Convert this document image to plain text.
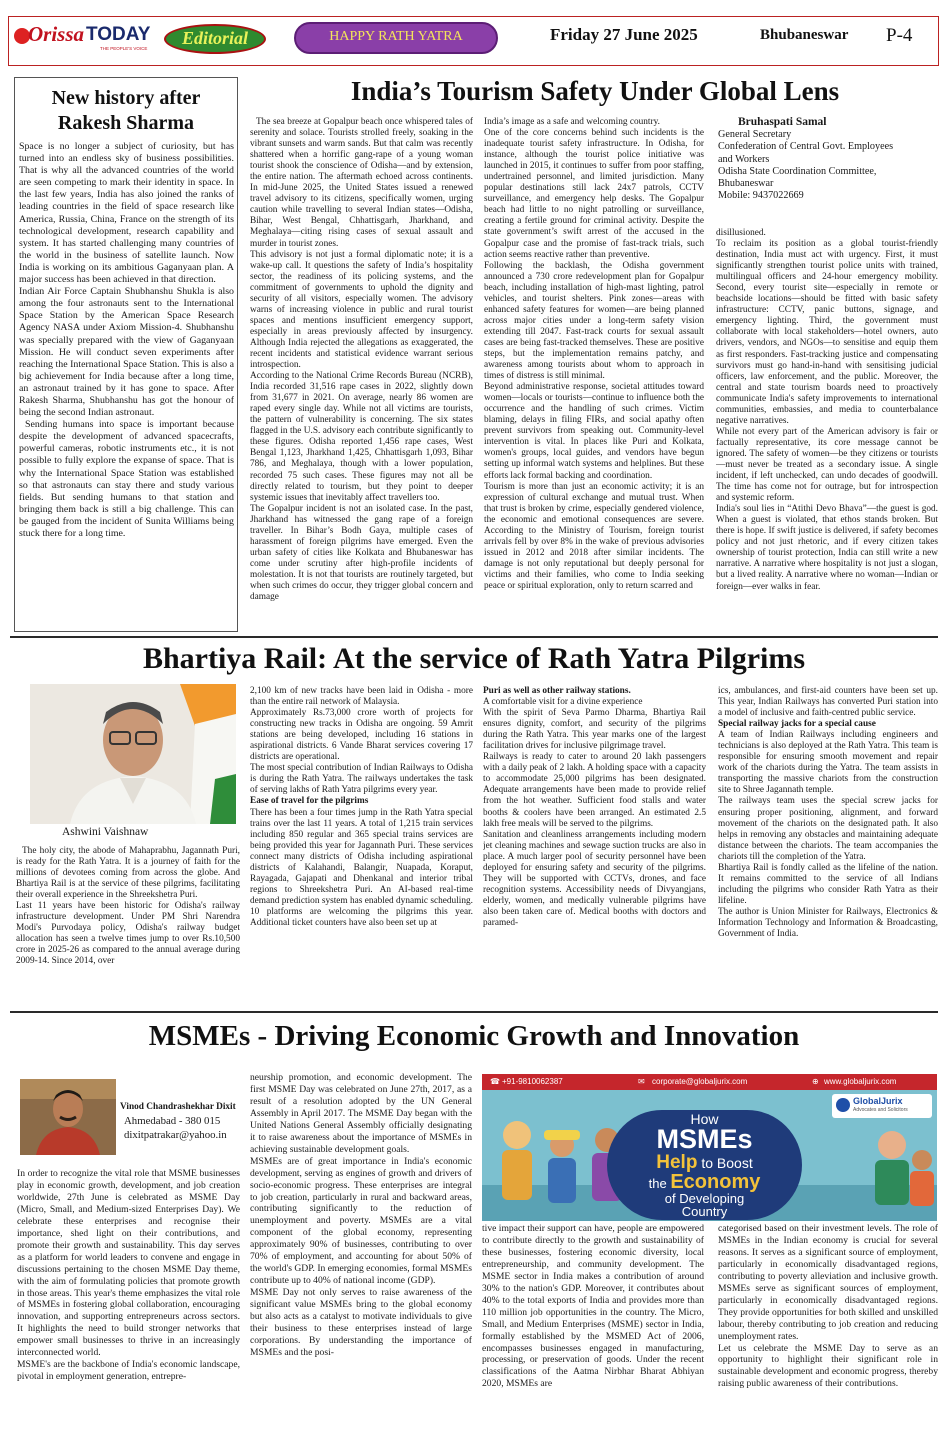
Orissa TODAY
THE PEOPLE'S VOICE
Editorial	HAPPY RATH YATRA	Friday 27 June 2025	Bhubaneswar P-4
New history after
Rakesh Sharma

Space is no longer a subject of curiosity, but has turned into an endless sky of business possibilities. That is why all the advanced countries of the world are seen competing to mark their identity in space. In the last few years, India has also joined the ranks of leading countries in the field of space research like America, Russia, China, France on the strength of its technological development, research capability and system. It has started challenging many countries of the world in the business of satellite launch. Now India is working on its ambitious Gaganyaan plan. A major success has been achieved in that direction.

Indian Air Force Captain Shubhanshu Shukla is also among the four astronauts sent to the International Space Station by the American Space Research Agency NASA under Axiom Mission-4. Shubhanshu was specially prepared with the view of Gaganyaan Mission. He will conduct seven experiments after reaching the International Space Station. This is also a big achievement for India because after a long time, an astronaut trained by it has gone to space. After Rakesh Sharma, Shubhanshu has got the honour of being the second Indian astronaut.

Sending humans into space is important because despite the development of advanced spacecrafts, powerful cameras, robotic instruments etc., it is not possible to fully explore the expanse of space. That is why the International Space Station was established so that astronauts can stay there and study various fields. But sending humans to that station and bringing them back is still a big challenge. This can be gauged from the incident of Sunita Williams being stuck there for a long time.

India’s Tourism Safety Under Global Lens

The sea breeze at Gopalpur beach once whispered tales of serenity and solace. Tourists strolled freely, soaking in the vibrant sunsets and warm sands. But that calm was recently shattered when a horrific gang-rape of a young woman tourist shook the conscience of Odisha—and by extension, the entire nation. The aftermath echoed across continents. In mid-June 2025, the United States issued a renewed travel advisory to its citizens, specifically women, urging caution while travelling to several Indian states—Odisha, Bihar, West Bengal, Chhattisgarh, Jharkhand, and Meghalaya—citing rising cases of sexual assault and murder in tourist zones.

This advisory is not just a formal diplomatic note; it is a wake-up call. It questions the safety of India’s hospitality sector, the readiness of its policing systems, and the commitment of governments to uphold the dignity and security of all visitors, especially women. The advisory warns of increasing violence in public and rural tourist spaces and mentions insufficient emergency support, especially in areas previously affected by insurgency. Although India rejected the allegations as exaggerated, the recent incidents and statistical evidence warrant serious introspection.

According to the National Crime Records Bureau (NCRB), India recorded 31,516 rape cases in 2022, slightly down from 31,677 in 2021. On average, nearly 86 women are raped every single day. While not all victims are tourists, the pattern of vulnerability is concerning. The six states flagged in the U.S. advisory each contribute significantly to these figures. Odisha reported 1,456 rape cases, West Bengal 1,123, Jharkhand 1,425, Chhattisgarh 1,093, Bihar 786, and Meghalaya, though with a lower population, recorded 75 such cases. These figures may not all be directly related to tourism, but they point to deeper systemic issues that inevitably affect travellers too.

The Gopalpur incident is not an isolated case. In the past, Jharkhand has witnessed the gang rape of a foreign traveller. In Bihar’s Bodh Gaya, multiple cases of harassment of foreign pilgrims have emerged. Even the urban safety of cities like Kolkata and Bhubaneswar has come under scrutiny after high-profile incidents of molestation. It is not that tourists are routinely targeted, but when such crimes do occur, they trigger global concern and damage

India’s image as a safe and welcoming country.

One of the core concerns behind such incidents is the inadequate tourist safety infrastructure. In Odisha, for instance, although the tourist police initiative was launched in 2015, it continues to suffer from poor staffing, undertrained personnel, and limited jurisdiction. Many popular destinations still lack 24x7 patrols, CCTV surveillance, and emergency help desks. The Gopalpur beach had little to no night patrolling or surveillance, creating a fertile ground for criminal activity. Despite the state government’s swift arrest of the accused in the Gopalpur case and the promise of fast-track trials, such action seems reactive rather than preventive.

Following the backlash, the Odisha government announced a 730 crore redevelopment plan for Gopalpur beach, including installation of high-mast lighting, patrol vehicles, and tourist shelters. Pink zones—areas with enhanced safety features for women—are being planned across major cities under a long-term safety vision extending till 2047. Fast-track courts for sexual assault cases are being fast-tracked themselves. These are positive steps, but the implementation remains patchy, and awareness among tourists about whom to approach in times of distress is still minimal.

Beyond administrative response, societal attitudes toward women—locals or tourists—continue to influence both the occurrence and the handling of such crimes. Victim blaming, delays in filing FIRs, and social apathy often prevent survivors from speaking out. Community-level intervention is vital. In places like Puri and Kolkata, women's groups, local guides, and vendors have begun setting up informal watch systems and helplines. But these efforts lack formal backing and coordination.

Tourism is more than just an economic activity; it is an expression of cultural exchange and mutual trust. When that trust is broken by crime, especially gendered violence, the economic and emotional consequences are severe. According to the Ministry of Tourism, foreign tourist arrivals fell by over 8% in the wake of previous advisories issued in 2012 and 2018 after similar incidents. The damage is not only reputational but deeply personal for victims and their families, who come to India seeking peace or spiritual exploration, only to return scarred and

Bruhaspati Samal
General Secretary
Confederation of Central Govt. Employees
and Workers
Odisha State Coordination Committee,
Bhubaneswar
Mobile: 9437022669

disillusioned.

To reclaim its position as a global tourist-friendly destination, India must act with urgency. First, it must significantly strengthen tourist police units with trained, multilingual officers and 24-hour emergency mobility. Second, every tourist site—especially in remote or beachside locations—should be fitted with basic safety infrastructure: CCTV, panic buttons, signage, and emergency lighting. Third, the government must collaborate with local stakeholders—hotel owners, auto drivers, vendors, and NGOs—to sensitise and equip them as first responders. Fast-tracking justice and compensating survivors must go hand-in-hand with sensitising judicial officers, law enforcement, and the public. Moreover, the central and state tourism boards need to proactively communicate India's safety improvements to international communities, embassies, and media to counterbalance negative narratives.

While not every part of the American advisory is fair or factually representative, its core message cannot be ignored. The safety of women—be they citizens or tourists—must never be treated as a secondary issue. A single incident, if left unchecked, can undo decades of goodwill. The time has come not for outrage, but for introspection and systemic reform.

India's soul lies in “Atithi Devo Bhava”—the guest is god. When a guest is violated, that ethos stands broken. But there is hope. If swift justice is delivered, if safety becomes policy and not just rhetoric, and if every citizen takes ownership of tourist protection, India can still write a new narrative. A narrative where hospitality is not just a slogan, but a lived reality. A narrative where no woman—Indian or foreign—ever walks in fear.

Bhartiya Rail: At the service of Rath Yatra Pilgrims
Ashwini Vaishnaw

The holy city, the abode of Mahaprabhu, Jagannath Puri, is ready for the Rath Yatra. It is a journey of faith for the millions of devotees coming from across the globe. And Bhartiya Rail is at the service of these pilgrims, facilitating their overall experience in the Shreekshetra Puri.

Last 11 years have been historic for Odisha's railway infrastructure development. Under PM Shri Narendra Modi's Purvodaya policy, Odisha's railway budget allocation has seen a twelve times jump to over Rs.10,500 crore in 2025-26 as compared to the annual average during 2009-14. Since 2014, over

2,100 km of new tracks have been laid in Odisha - more than the entire rail network of Malaysia.

Approximately Rs.73,000 crore worth of projects for constructing new tracks in Odisha are ongoing. 59 Amrit stations are being developed, including 16 stations in aspirational districts. 6 Vande Bharat services covering 17 districts are operational.

The most special contribution of Indian Railways to Odisha is during the Rath Yatra. The railways undertakes the task of serving lakhs of Rath Yatra pilgrims every year.

Ease of travel for the pilgrims

There has been a four times jump in the Rath Yatra special trains over the last 11 years. A total of 1,215 train services including 850 regular and 365 special trains services are being provided this year for Jagannath Puri. These services connect many districts of Odisha including aspirational districts of Kalahandi, Balangir, Nuapada, Koraput, Rayagada, Gajapati and Dhenkanal and interior tribal regions to Shreekshetra Puri. An AI-based real-time demand prediction system has enabled dynamic scheduling. 10 platforms are welcoming the pilgrims this year. Additional ticket counters have also been set up at

Puri as well as other railway stations.

A comfortable visit for a divine experience

With the spirit of Seva Parmo Dharma, Bhartiya Rail ensures dignity, comfort, and security of the pilgrims during the Rath Yatra. This year marks one of the largest facilitation drives for inclusive pilgrimage travel.

Railways is ready to cater to around 20 lakh passengers with a daily peak of 2 lakh. A holding space with a capacity to accommodate 25,000 pilgrims has been designated. Adequate arrangements have been made to provide relief from the hot weather. Sufficient food stalls and water booths & coolers have been arranged. An estimated 2.5 lakh free meals will be served to the pilgrims.

Sanitation and cleanliness arrangements including modern jet cleaning machines and sewage suction trucks are also in place. A much larger pool of security personnel have been deployed for ensuring safety and security of the pilgrims. They will be supported with CCTVs, drones, and face recognition systems. Accessibility needs of Divyangjans, elderly, women, and medically vulnerable pilgrims have also been taken care of. Medical booths with doctors and paramed-

ics, ambulances, and first-aid counters have been set up. This year, Indian Railways has converted Puri station into a model of inclusive and faith-centred public service.

Special railway jacks for a special cause

A team of Indian Railways including engineers and technicians is also deployed at the Rath Yatra. This team is responsible for ensuring smooth movement and repair work of the chariots during the Yatra. The team assists in transporting the massive chariots from the construction site to Shree Jagannath temple.

The railways team uses the special screw jacks for ensuring proper positioning, alignment, and forward movement of the chariots on the designated path. It also helps in removing any obstacles and maintaining adequate distance between the chariots. The team accompanies the chariots till the completion of the Yatra.

Bhartiya Rail is fondly called as the lifeline of the nation. It remains committed to the service of all Indians including the pilgrims who consider Rath Yatra as their lifeline.

The author is Union Minister for Railways, Electronics & Information Technology and Information & Broadcasting, Government of India.

MSMEs - Driving Economic Growth and Innovation
Vinod Chandrashekhar Dixit
Ahmedabad - 380 015
dixitpatrakar@yahoo.in

In order to recognize the vital role that MSME businesses play in economic growth, development, and job creation worldwide, 27th June is celebrated as MSME Day (Micro, Small, and Medium-sized Enterprises Day). We celebrate these enterprises and recognise their importance, shed light on their contributions, and promote their growth and sustainability. This day serves as a platform for world leaders to convene and engage in discussions pertaining to the chosen MSME Day theme, with the aim of formulating policies that promote growth in those areas. This year's theme emphasizes the vital role of MSMEs in fostering global collaboration, encouraging innovation, and supporting entrepreneurs across sectors. It highlights the need to build stronger networks that empower small businesses to thrive in an increasingly interconnected world.

MSME's are the backbone of India's economic landscape, pivotal in employment generation, entrepre-

neurship promotion, and economic development. The first MSME Day was celebrated on June 27th, 2017, as a result of a resolution adopted by the UN General Assembly in April 2017. The MSME Day began with the United Nations General Assembly officially designating it to raise awareness about the importance of MSMEs in achieving sustainable development goals.

MSMEs are of great importance in India's economic development, serving as engines of growth and drivers of socio-economic progress. These enterprises are integral to job creation, particularly in rural and backward areas, contributing significantly to the reduction of unemployment and poverty. MSMEs are a vital component of the global economy, representing approximately 90% of businesses, contributing to over 70% of employment, and accounting for about 50% of the world's GDP. In emerging economies, formal MSMEs contribute up to 40% of national income (GDP).

MSME Day not only serves to raise awareness of the significant value MSMEs bring to the global economy but also acts as a catalyst to motivate individuals to give their business to these enterprises instead of large corporations. By understanding the importance of MSMEs and the posi-

☎ +91-9810062387	✉ corporate@globaljurix.com	⊕ www.globaljurix.com
GlobalJurix
Advocates and Solicitors
How
MSMEs
Help to Boost
the Economy
of Developing
Country

tive impact their support can have, people are empowered to contribute directly to the growth and sustainability of these businesses, fostering economic diversity, local entrepreneurship, and community development. The MSME sector in India makes a contribution of around 30% to the nation's GDP. Moreover, it contributes about 40% to the total exports of India and provides more than 110 million job opportunities in the country. The Micro, Small, and Medium Enterprises (MSME) sector in India, formally established by the MSMED Act of 2006, encompasses businesses engaged in manufacturing, processing, or preservation of goods. Under the recent classifications of the Aatma Nirbhar Bharat Abhiyan 2020, MSMEs are

categorised based on their investment levels. The role of MSMEs in the Indian economy is crucial for several reasons. It serves as a significant source of employment, particularly in economically disadvantaged regions, contributing to poverty alleviation and inclusive growth. MSMEs serve as significant sources of employment, particularly in economically disadvantaged regions. They provide opportunities for both skilled and unskilled labour, thereby contributing to job creation and reducing unemployment rates.

Let us celebrate the MSME Day to serve as an opportunity to highlight their significant role in sustainable development and economic progress, thereby raising public awareness of their contributions.
